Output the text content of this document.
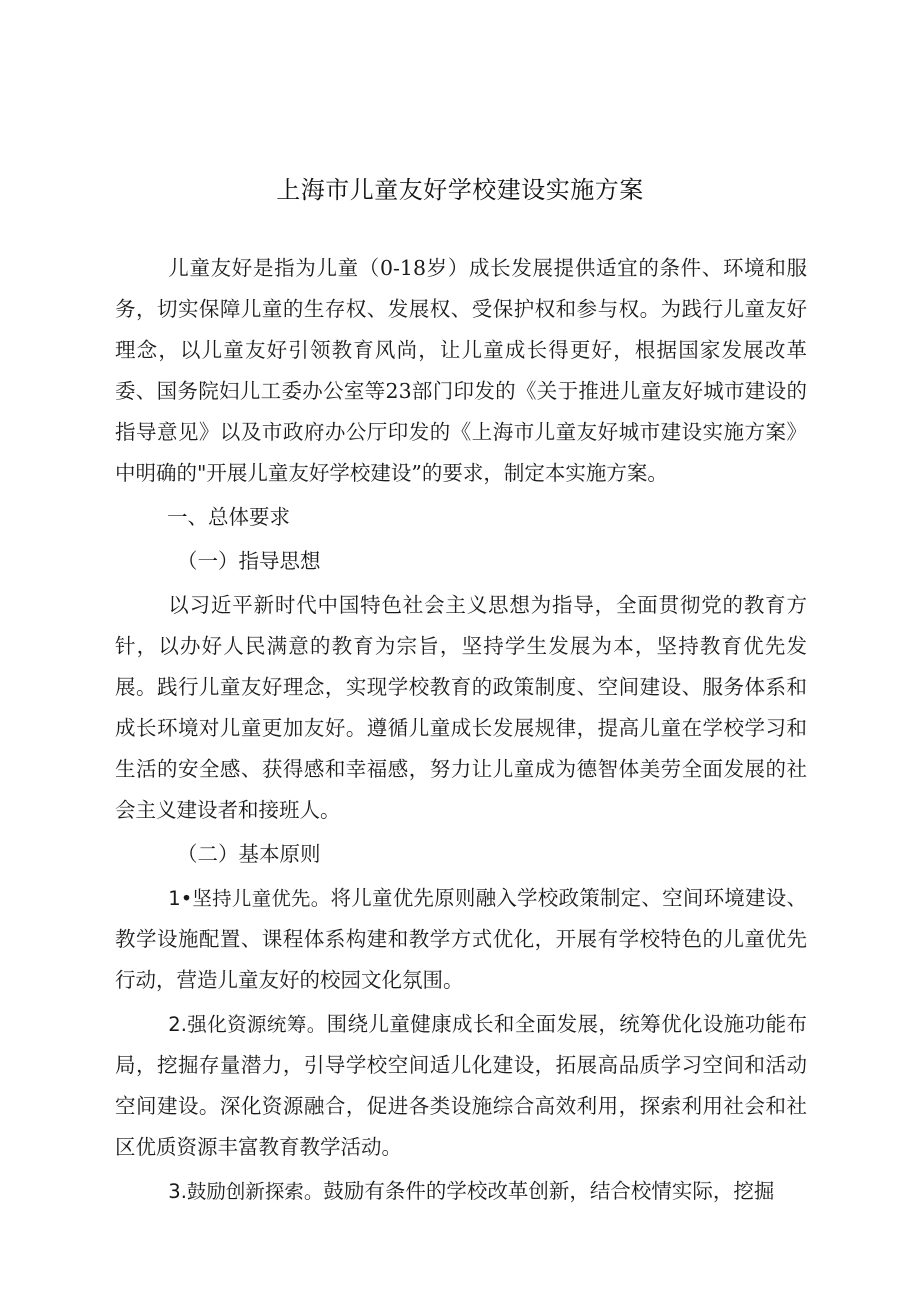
上海市儿童友好学校建设实施方案

儿童友好是指为儿童（0-18岁）成长发展提供适宜的条件、环境和服务，切实保障儿童的生存权、发展权、受保护权和参与权。为践行儿童友好理念，以儿童友好引领教育风尚，让儿童成长得更好，根据国家发展改革委、国务院妇儿工委办公室等23部门印发的《关于推进儿童友好城市建设的指导意见》以及市政府办公厅印发的《上海市儿童友好城市建设实施方案》中明确的"开展儿童友好学校建设”的要求，制定本实施方案。

一、总体要求

（一）指导思想

以习近平新时代中国特色社会主义思想为指导，全面贯彻党的教育方针，以办好人民满意的教育为宗旨，坚持学生发展为本，坚持教育优先发展。践行儿童友好理念，实现学校教育的政策制度、空间建设、服务体系和成长环境对儿童更加友好。遵循儿童成长发展规律，提高儿童在学校学习和生活的安全感、获得感和幸福感，努力让儿童成为德智体美劳全面发展的社会主义建设者和接班人。

（二）基本原则

1•坚持儿童优先。将儿童优先原则融入学校政策制定、空间环境建设、教学设施配置、课程体系构建和教学方式优化，开展有学校特色的儿童优先行动，营造儿童友好的校园文化氛围。

2.强化资源统筹。围绕儿童健康成长和全面发展，统筹优化设施功能布局，挖掘存量潜力，引导学校空间适儿化建设，拓展高品质学习空间和活动空间建设。深化资源融合，促进各类设施综合高效利用，探索利用社会和社区优质资源丰富教育教学活动。

3.鼓励创新探索。鼓励有条件的学校改革创新，结合校情实际，挖掘
